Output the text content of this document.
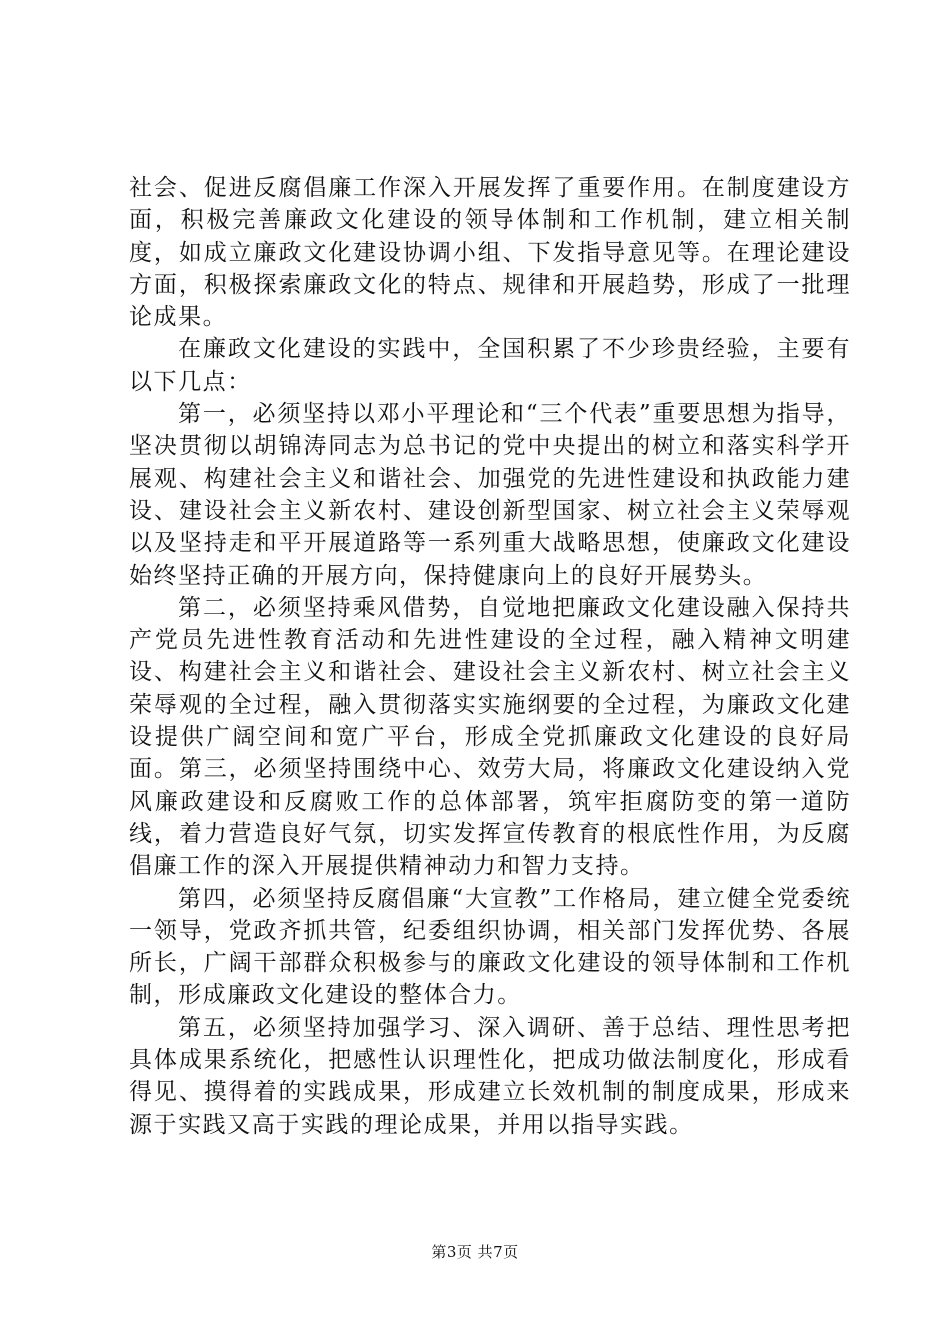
社会、促进反腐倡廉工作深入开展发挥了重要作用。在制度建设方面，积极完善廉政文化建设的领导体制和工作机制，建立相关制度，如成立廉政文化建设协调小组、下发指导意见等。在理论建设方面，积极探索廉政文化的特点、规律和开展趋势，形成了一批理论成果。

在廉政文化建设的实践中，全国积累了不少珍贵经验，主要有以下几点：

第一，必须坚持以邓小平理论和“三个代表”重要思想为指导，坚决贯彻以胡锦涛同志为总书记的党中央提出的树立和落实科学开展观、构建社会主义和谐社会、加强党的先进性建设和执政能力建设、建设社会主义新农村、建设创新型国家、树立社会主义荣辱观以及坚持走和平开展道路等一系列重大战略思想，使廉政文化建设始终坚持正确的开展方向，保持健康向上的良好开展势头。

第二，必须坚持乘风借势，自觉地把廉政文化建设融入保持共产党员先进性教育活动和先进性建设的全过程，融入精神文明建设、构建社会主义和谐社会、建设社会主义新农村、树立社会主义荣辱观的全过程，融入贯彻落实实施纲要的全过程，为廉政文化建设提供广阔空间和宽广平台，形成全党抓廉政文化建设的良好局面。第三，必须坚持围绕中心、效劳大局，将廉政文化建设纳入党风廉政建设和反腐败工作的总体部署，筑牢拒腐防变的第一道防线，着力营造良好气氛，切实发挥宣传教育的根底性作用，为反腐倡廉工作的深入开展提供精神动力和智力支持。

第四，必须坚持反腐倡廉“大宣教”工作格局，建立健全党委统一领导，党政齐抓共管，纪委组织协调，相关部门发挥优势、各展所长，广阔干部群众积极参与的廉政文化建设的领导体制和工作机制，形成廉政文化建设的整体合力。

第五，必须坚持加强学习、深入调研、善于总结、理性思考把具体成果系统化，把感性认识理性化，把成功做法制度化，形成看得见、摸得着的实践成果，形成建立长效机制的制度成果，形成来源于实践又高于实践的理论成果，并用以指导实践。

第3页 共7页
